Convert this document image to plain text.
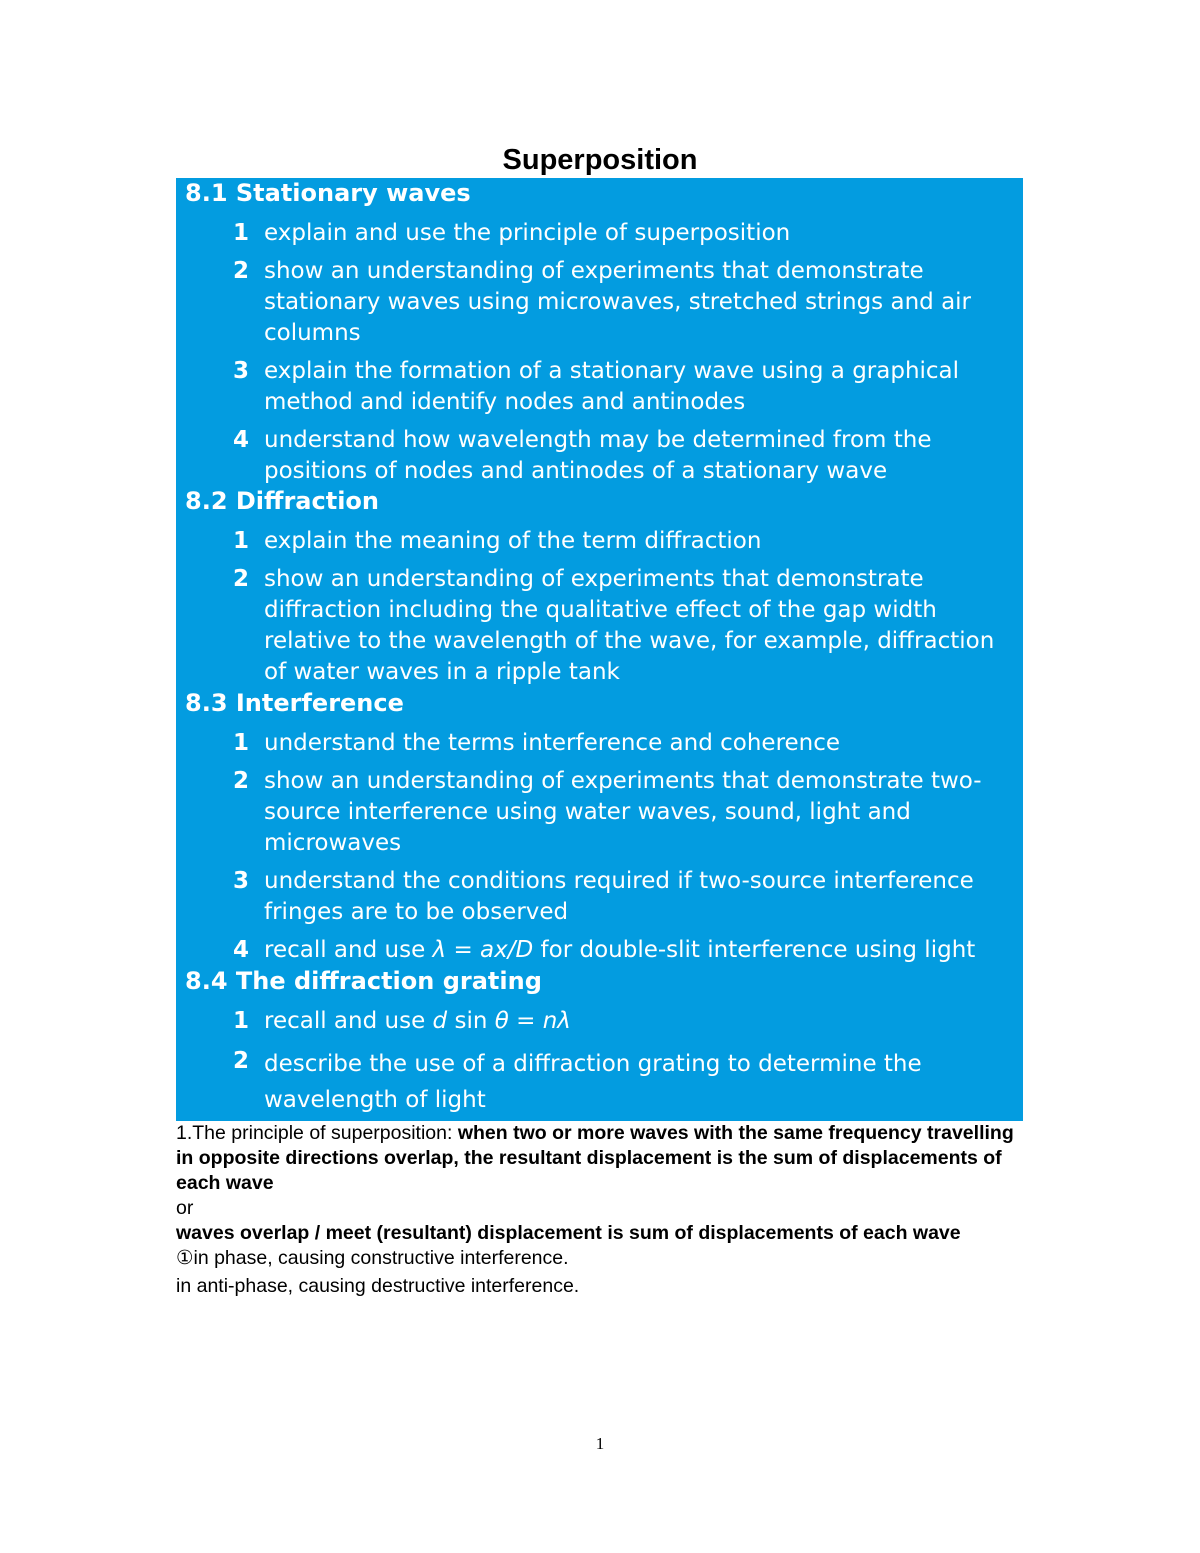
Superposition
8.1 Stationary waves
1 explain and use the principle of superposition
2 show an understanding of experiments that demonstrate stationary waves using microwaves, stretched strings and air columns
3 explain the formation of a stationary wave using a graphical method and identify nodes and antinodes
4 understand how wavelength may be determined from the positions of nodes and antinodes of a stationary wave
8.2 Diffraction
1 explain the meaning of the term diffraction
2 show an understanding of experiments that demonstrate diffraction including the qualitative effect of the gap width relative to the wavelength of the wave, for example, diffraction of water waves in a ripple tank
8.3 Interference
1 understand the terms interference and coherence
2 show an understanding of experiments that demonstrate two-source interference using water waves, sound, light and microwaves
3 understand the conditions required if two-source interference fringes are to be observed
4 recall and use λ = ax/D for double-slit interference using light
8.4 The diffraction grating
1 recall and use d sin θ = nλ
2 describe the use of a diffraction grating to determine the wavelength of light

1.The principle of superposition: when two or more waves with the same frequency travelling in opposite directions overlap, the resultant displacement is the sum of displacements of each wave

or

waves overlap / meet (resultant) displacement is sum of displacements of each wave

①in phase, causing constructive interference.

in anti-phase, causing destructive interference.

1
